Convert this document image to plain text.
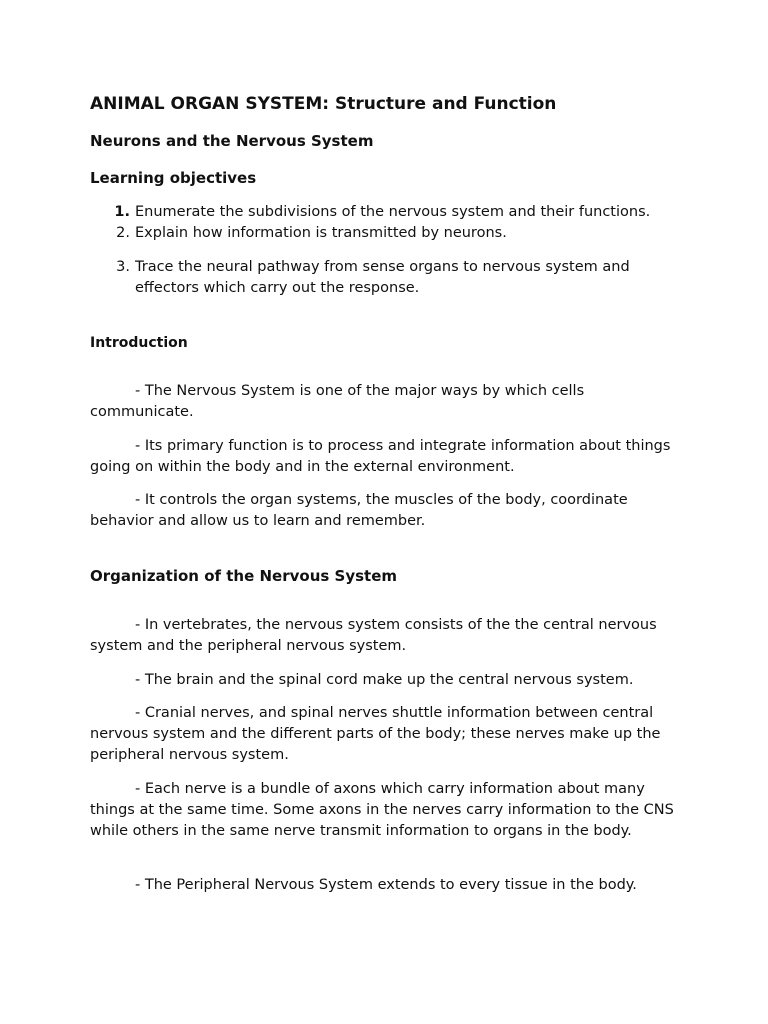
ANIMAL ORGAN SYSTEM: Structure and Function
Neurons and the Nervous System
Learning objectives
1. Enumerate the subdivisions of the nervous system and their functions.
2. Explain how information is transmitted by neurons.
3. Trace the neural pathway from sense organs to nervous system and effectors which carry out the response.
Introduction

- The Nervous System is one of the major ways by which cells communicate.

- Its primary function is to process and integrate information about things going on within the body and in the external environment.

- It controls the organ systems, the muscles of the body, coordinate behavior and allow us to learn and remember.

Organization of the Nervous System

- In vertebrates, the nervous system consists of the the central nervous system and the peripheral nervous system.

- The brain and the spinal cord make up the central nervous system.

- Cranial nerves, and spinal nerves shuttle information between central nervous system and the different parts of the body; these nerves make up the peripheral nervous system.

- Each nerve is a bundle of axons which carry information about many things at the same time. Some axons in the nerves carry information to the CNS while others in the same nerve transmit information to organs in the body.

- The Peripheral Nervous System extends to every tissue in the body.
